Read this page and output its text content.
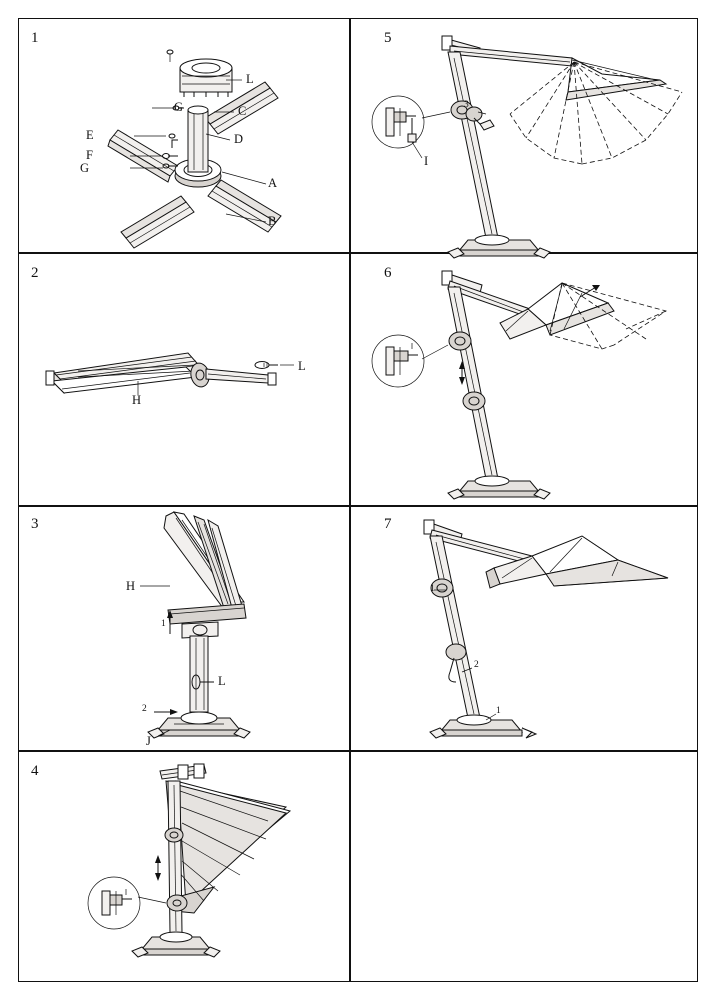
1
L
G	C
D
E
F
G
A
B
2
L
H
3
H
L
J
1
2
4
5
I
3
6
7
1
2
1
